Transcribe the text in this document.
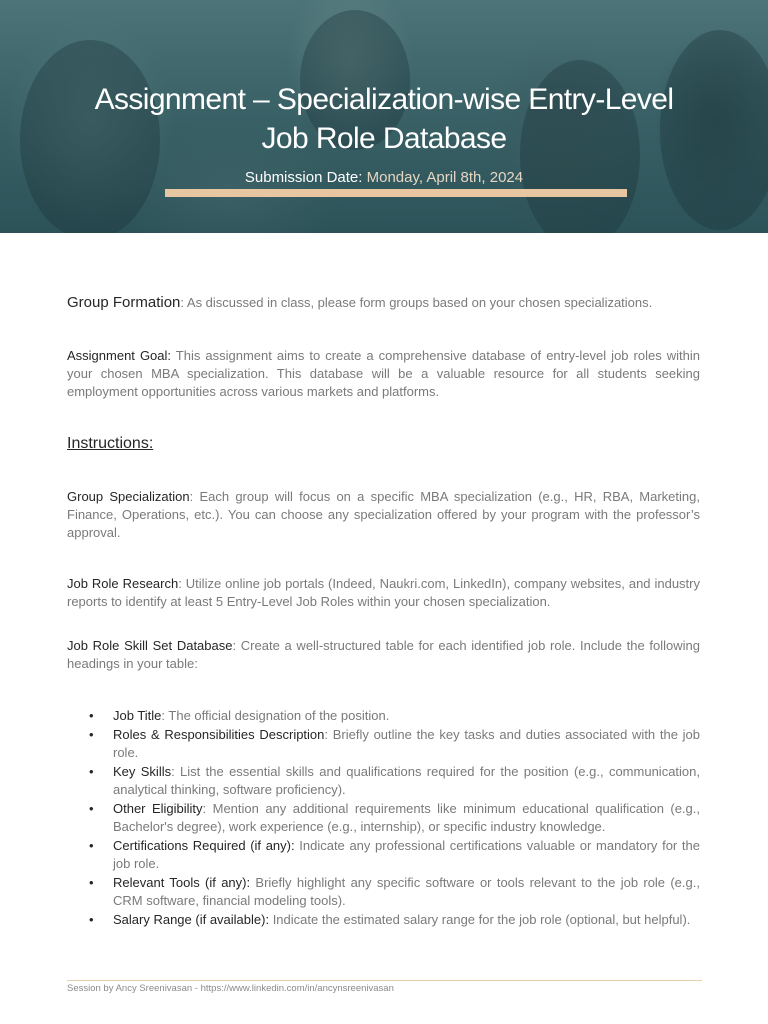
Assignment – Specialization-wise Entry-Level
Job Role Database
Submission Date: Monday, April 8th, 2024
Group Formation: As discussed in class, please form groups based on your chosen specializations.
Assignment Goal: This assignment aims to create a comprehensive database of entry-level job roles within your chosen MBA specialization. This database will be a valuable resource for all students seeking employment opportunities across various markets and platforms.
Instructions:
Group Specialization: Each group will focus on a specific MBA specialization (e.g., HR, RBA, Marketing, Finance, Operations, etc.). You can choose any specialization offered by your program with the professor’s approval.
Job Role Research: Utilize online job portals (Indeed, Naukri.com, LinkedIn), company websites, and industry reports to identify at least 5 Entry-Level Job Roles within your chosen specialization.
Job Role Skill Set Database: Create a well-structured table for each identified job role. Include the following headings in your table:
• Job Title: The official designation of the position.
• Roles & Responsibilities Description: Briefly outline the key tasks and duties associated with the job role.
• Key Skills: List the essential skills and qualifications required for the position (e.g., communication, analytical thinking, software proficiency).
• Other Eligibility: Mention any additional requirements like minimum educational qualification (e.g., Bachelor's degree), work experience (e.g., internship), or specific industry knowledge.
• Certifications Required (if any): Indicate any professional certifications valuable or mandatory for the job role.
• Relevant Tools (if any): Briefly highlight any specific software or tools relevant to the job role (e.g., CRM software, financial modeling tools).
• Salary Range (if available): Indicate the estimated salary range for the job role (optional, but helpful).
Session by Ancy Sreenivasan - https://www.linkedin.com/in/ancynsreenivasan
